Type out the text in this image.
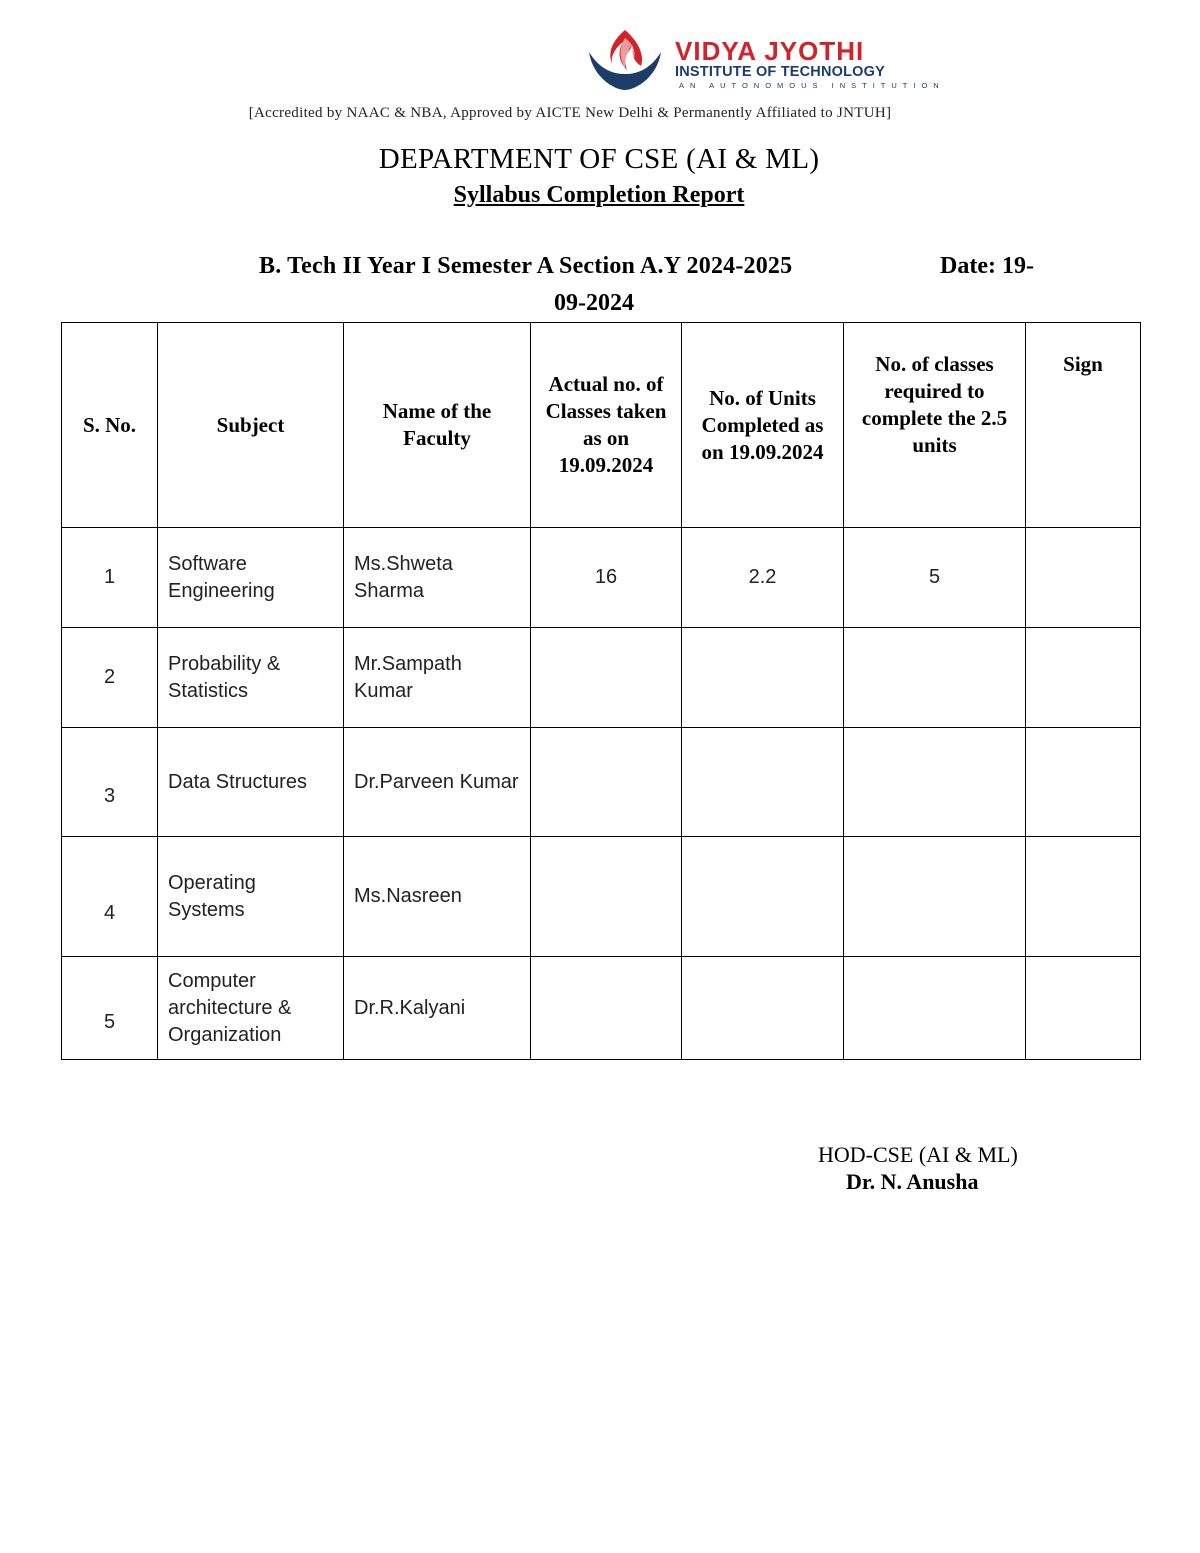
VIDYA JYOTHI
INSTITUTE OF TECHNOLOGY
AN AUTONOMOUS INSTITUTION
[Accredited by NAAC & NBA, Approved by AICTE New Delhi & Permanently Affiliated to JNTUH]
DEPARTMENT OF CSE (AI & ML)
Syllabus Completion Report
B. Tech II Year I Semester A Section A.Y 2024-2025	Date: 19-
09-2024
S. No.	Subject	Name of the Faculty	Actual no. of Classes taken as on 19.09.2024	No. of Units Completed as on 19.09.2024	No. of classes required to complete the 2.5 units	Sign
1	Software Engineering	Ms.Shweta Sharma	16	2.2	5	
2	Probability & Statistics	Mr.Sampath Kumar				
3	Data Structures	Dr.Parveen Kumar				
4	Operating Systems	Ms.Nasreen				
5	Computer architecture & Organization	Dr.R.Kalyani				
HOD-CSE (AI & ML)
Dr. N. Anusha
